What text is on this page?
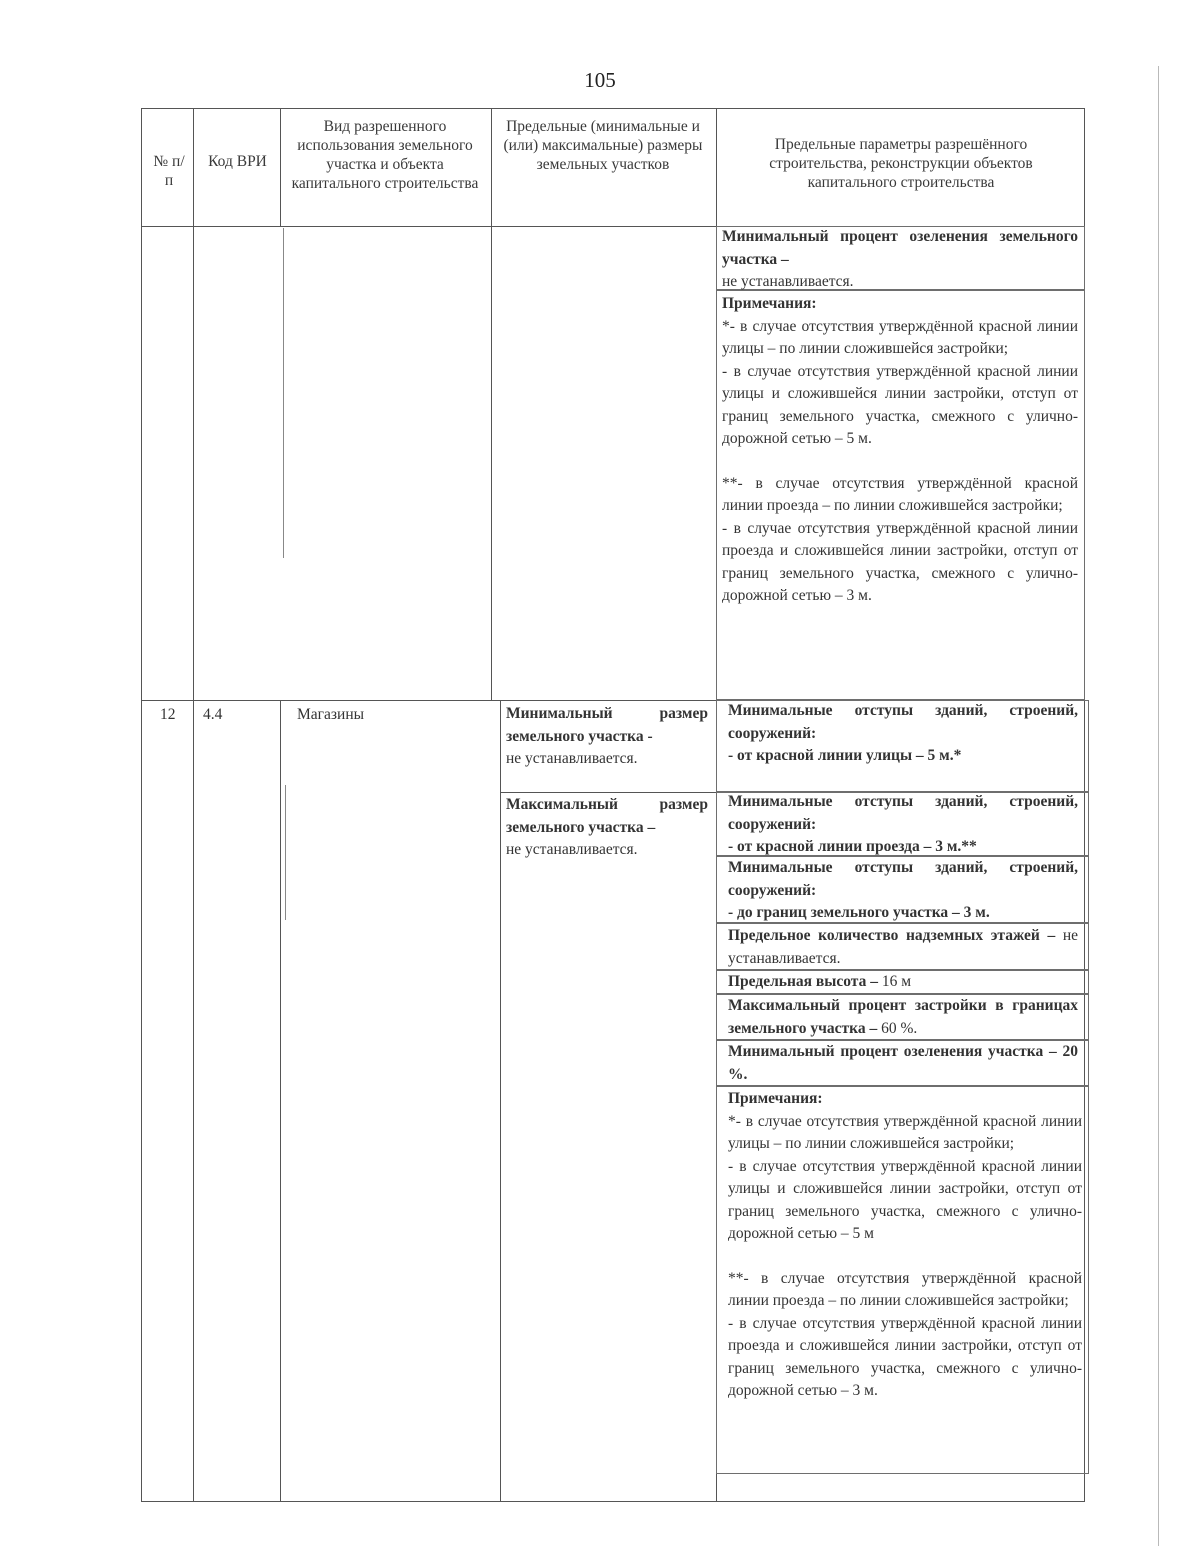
105
№ п/п
Код ВРИ
Вид разрешенного использования земельного участка и объекта капитального строительства
Предельные (минимальные и (или) максимальные) размеры земельных участков
Предельные параметры разрешённого строительства, реконструкции объектов капитального строительства
Минимальный процент озеленения земельного участка –
не устанавливается.
Примечания:
*- в случае отсутствия утверждённой красной линии улицы – по линии сложившейся застройки;
- в случае отсутствия утверждённой красной линии улицы и сложившейся линии застройки, отступ от границ земельного участка, смежного с улично-дорожной сетью – 5 м.
**- в случае отсутствия утверждённой красной линии проезда – по линии сложившейся застройки;
- в случае отсутствия утверждённой красной линии проезда и сложившейся линии застройки, отступ от границ земельного участка, смежного с улично-дорожной сетью – 3 м.
12 4.4	Магазины	Минимальный размер земельного участка -
не устанавливается.
Максимальный размер земельного участка –
не устанавливается.
Минимальные отступы зданий, строений, сооружений:
- от красной линии улицы – 5 м.*
Минимальные отступы зданий, строений, сооружений:
- от красной линии проезда – 3 м.**
Минимальные отступы зданий, строений, сооружений:
- до границ земельного участка – 3 м.
Предельное количество надземных этажей – не устанавливается.
Предельная высота – 16 м
Максимальный процент застройки в границах земельного участка – 60 %.
Минимальный процент озеленения участка – 20 %.
Примечания:
*- в случае отсутствия утверждённой красной линии улицы – по линии сложившейся застройки;
- в случае отсутствия утверждённой красной линии улицы и сложившейся линии застройки, отступ от границ земельного участка, смежного с улично-дорожной сетью – 5 м
**- в случае отсутствия утверждённой красной линии проезда – по линии сложившейся застройки;
- в случае отсутствия утверждённой красной линии проезда и сложившейся линии застройки, отступ от границ земельного участка, смежного с улично-дорожной сетью – 3 м.
